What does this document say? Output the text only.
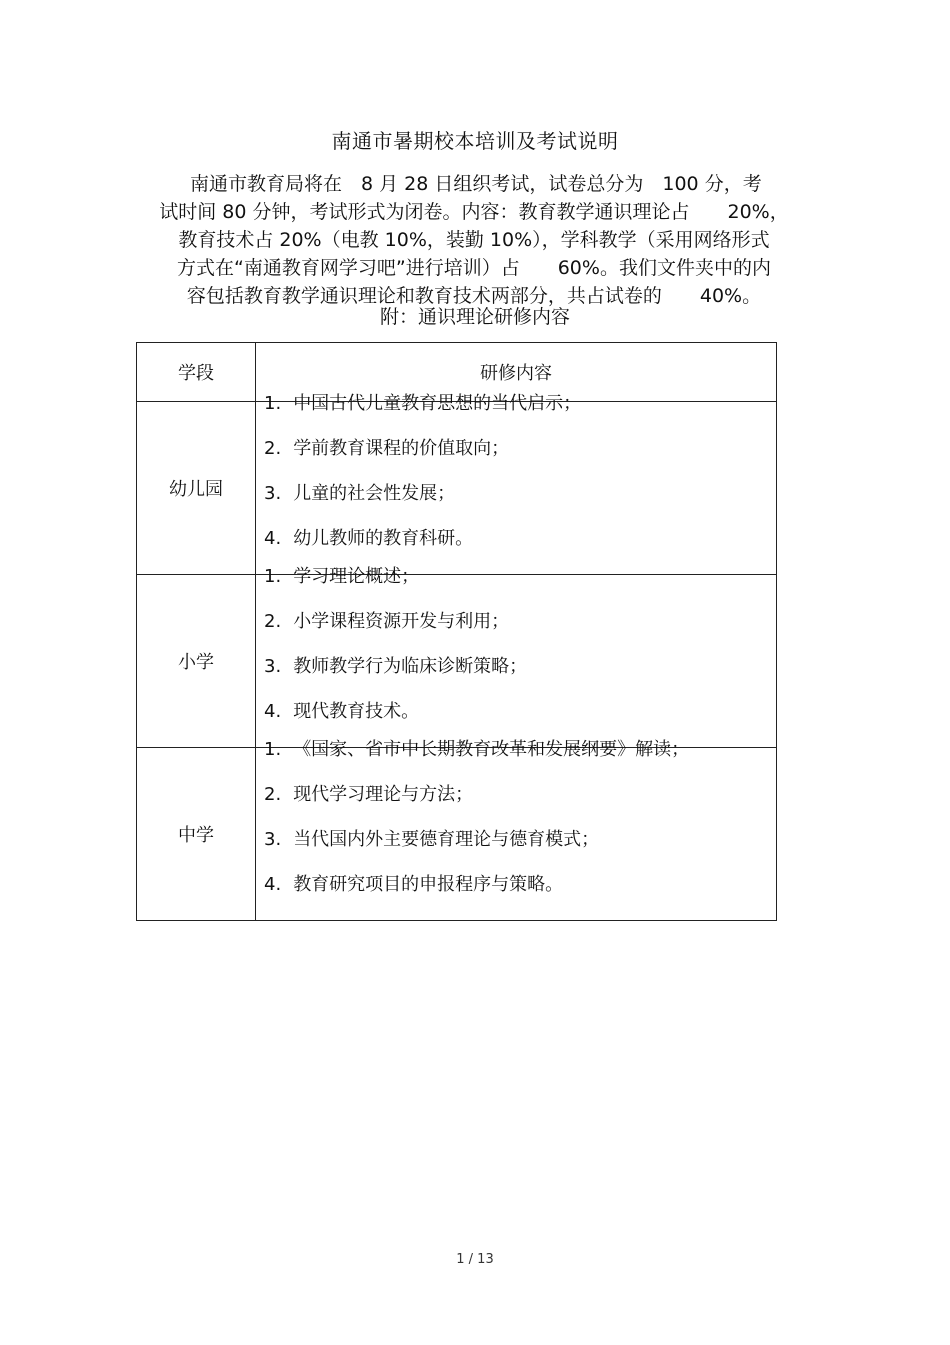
南通市暑期校本培训及考试说明
南通市教育局将在　8 月 28 日组织考试，试卷总分为　100 分，考
试时间 80 分钟，考试形式为闭卷。内容：教育教学通识理论占　　20%，
教育技术占 20%（电教 10%，装勤 10%），学科教学（采用网络形式
方式在“南通教育网学习吧”进行培训）占　　60%。我们文件夹中的内
容包括教育教学通识理论和教育技术两部分，共占试卷的　　40%。
附：通识理论研修内容
学段	研修内容
幼儿园	1. 中国古代儿童教育思想的当代启示；
2. 学前教育课程的价值取向；
3. 儿童的社会性发展；
4. 幼儿教师的教育科研。

小学	1. 学习理论概述；
2. 小学课程资源开发与利用；
3. 教师教学行为临床诊断策略；
4. 现代教育技术。

中学	1. 《国家、省市中长期教育改革和发展纲要》解读；
2. 现代学习理论与方法；
3. 当代国内外主要德育理论与德育模式；
4. 教育研究项目的申报程序与策略。
1 / 13
